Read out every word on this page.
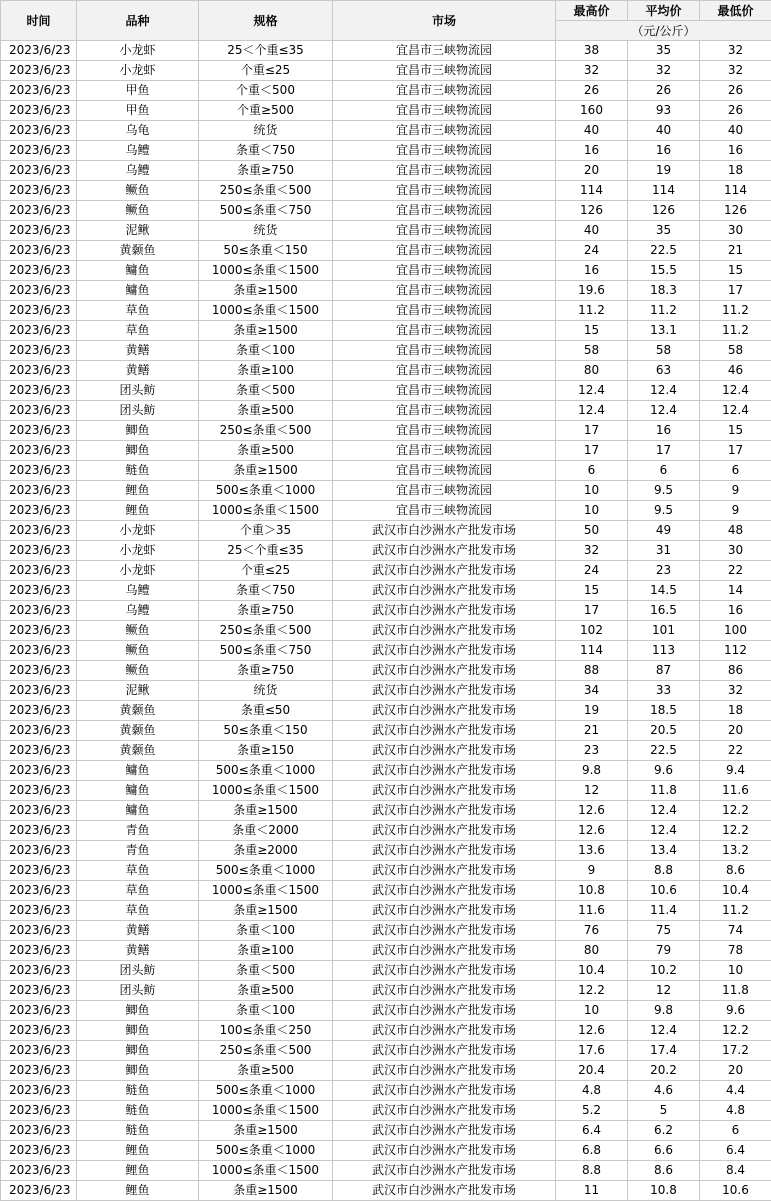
时间	品种	规格	市场	最高价	平均价	最低价
				（元/公斤）		
2023/6/23	小龙虾	25＜个重≤35	宜昌市三峡物流园	38	35	32
2023/6/23	小龙虾	个重≤25	宜昌市三峡物流园	32	32	32
2023/6/23	甲鱼	个重＜500	宜昌市三峡物流园	26	26	26
2023/6/23	甲鱼	个重≥500	宜昌市三峡物流园	160	93	26
2023/6/23	乌龟	统货	宜昌市三峡物流园	40	40	40
2023/6/23	乌鳢	条重＜750	宜昌市三峡物流园	16	16	16
2023/6/23	乌鳢	条重≥750	宜昌市三峡物流园	20	19	18
2023/6/23	鳜鱼	250≤条重＜500	宜昌市三峡物流园	114	114	114
2023/6/23	鳜鱼	500≤条重＜750	宜昌市三峡物流园	126	126	126
2023/6/23	泥鳅	统货	宜昌市三峡物流园	40	35	30
2023/6/23	黄颡鱼	50≤条重＜150	宜昌市三峡物流园	24	22.5	21
2023/6/23	鳙鱼	1000≤条重＜1500	宜昌市三峡物流园	16	15.5	15
2023/6/23	鳙鱼	条重≥1500	宜昌市三峡物流园	19.6	18.3	17
2023/6/23	草鱼	1000≤条重＜1500	宜昌市三峡物流园	11.2	11.2	11.2
2023/6/23	草鱼	条重≥1500	宜昌市三峡物流园	15	13.1	11.2
2023/6/23	黄鳝	条重＜100	宜昌市三峡物流园	58	58	58
2023/6/23	黄鳝	条重≥100	宜昌市三峡物流园	80	63	46
2023/6/23	团头鲂	条重＜500	宜昌市三峡物流园	12.4	12.4	12.4
2023/6/23	团头鲂	条重≥500	宜昌市三峡物流园	12.4	12.4	12.4
2023/6/23	鲫鱼	250≤条重＜500	宜昌市三峡物流园	17	16	15
2023/6/23	鲫鱼	条重≥500	宜昌市三峡物流园	17	17	17
2023/6/23	鲢鱼	条重≥1500	宜昌市三峡物流园	6	6	6
2023/6/23	鲤鱼	500≤条重＜1000	宜昌市三峡物流园	10	9.5	9
2023/6/23	鲤鱼	1000≤条重＜1500	宜昌市三峡物流园	10	9.5	9
2023/6/23	小龙虾	个重＞35	武汉市白沙洲水产批发市场	50	49	48
2023/6/23	小龙虾	25＜个重≤35	武汉市白沙洲水产批发市场	32	31	30
2023/6/23	小龙虾	个重≤25	武汉市白沙洲水产批发市场	24	23	22
2023/6/23	乌鳢	条重＜750	武汉市白沙洲水产批发市场	15	14.5	14
2023/6/23	乌鳢	条重≥750	武汉市白沙洲水产批发市场	17	16.5	16
2023/6/23	鳜鱼	250≤条重＜500	武汉市白沙洲水产批发市场	102	101	100
2023/6/23	鳜鱼	500≤条重＜750	武汉市白沙洲水产批发市场	114	113	112
2023/6/23	鳜鱼	条重≥750	武汉市白沙洲水产批发市场	88	87	86
2023/6/23	泥鳅	统货	武汉市白沙洲水产批发市场	34	33	32
2023/6/23	黄颡鱼	条重≤50	武汉市白沙洲水产批发市场	19	18.5	18
2023/6/23	黄颡鱼	50≤条重＜150	武汉市白沙洲水产批发市场	21	20.5	20
2023/6/23	黄颡鱼	条重≥150	武汉市白沙洲水产批发市场	23	22.5	22
2023/6/23	鳙鱼	500≤条重＜1000	武汉市白沙洲水产批发市场	9.8	9.6	9.4
2023/6/23	鳙鱼	1000≤条重＜1500	武汉市白沙洲水产批发市场	12	11.8	11.6
2023/6/23	鳙鱼	条重≥1500	武汉市白沙洲水产批发市场	12.6	12.4	12.2
2023/6/23	青鱼	条重＜2000	武汉市白沙洲水产批发市场	12.6	12.4	12.2
2023/6/23	青鱼	条重≥2000	武汉市白沙洲水产批发市场	13.6	13.4	13.2
2023/6/23	草鱼	500≤条重＜1000	武汉市白沙洲水产批发市场	9	8.8	8.6
2023/6/23	草鱼	1000≤条重＜1500	武汉市白沙洲水产批发市场	10.8	10.6	10.4
2023/6/23	草鱼	条重≥1500	武汉市白沙洲水产批发市场	11.6	11.4	11.2
2023/6/23	黄鳝	条重＜100	武汉市白沙洲水产批发市场	76	75	74
2023/6/23	黄鳝	条重≥100	武汉市白沙洲水产批发市场	80	79	78
2023/6/23	团头鲂	条重＜500	武汉市白沙洲水产批发市场	10.4	10.2	10
2023/6/23	团头鲂	条重≥500	武汉市白沙洲水产批发市场	12.2	12	11.8
2023/6/23	鲫鱼	条重＜100	武汉市白沙洲水产批发市场	10	9.8	9.6
2023/6/23	鲫鱼	100≤条重＜250	武汉市白沙洲水产批发市场	12.6	12.4	12.2
2023/6/23	鲫鱼	250≤条重＜500	武汉市白沙洲水产批发市场	17.6	17.4	17.2
2023/6/23	鲫鱼	条重≥500	武汉市白沙洲水产批发市场	20.4	20.2	20
2023/6/23	鲢鱼	500≤条重＜1000	武汉市白沙洲水产批发市场	4.8	4.6	4.4
2023/6/23	鲢鱼	1000≤条重＜1500	武汉市白沙洲水产批发市场	5.2	5	4.8
2023/6/23	鲢鱼	条重≥1500	武汉市白沙洲水产批发市场	6.4	6.2	6
2023/6/23	鲤鱼	500≤条重＜1000	武汉市白沙洲水产批发市场	6.8	6.6	6.4
2023/6/23	鲤鱼	1000≤条重＜1500	武汉市白沙洲水产批发市场	8.8	8.6	8.4
2023/6/23	鲤鱼	条重≥1500	武汉市白沙洲水产批发市场	11	10.8	10.6
